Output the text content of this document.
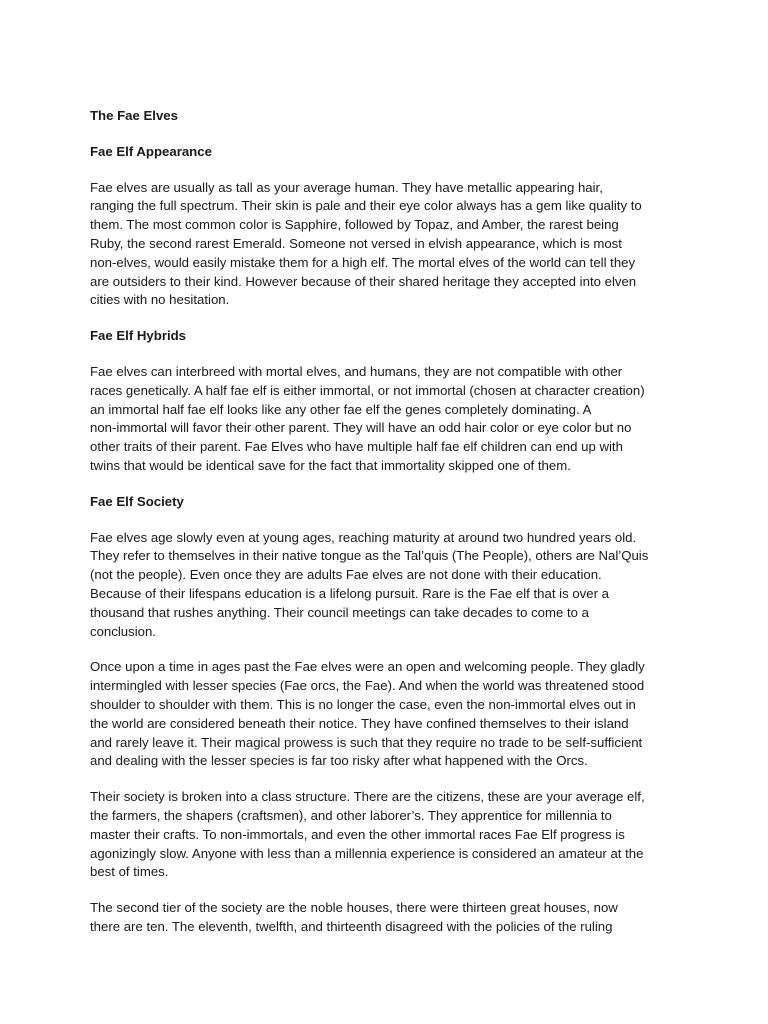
The Fae Elves
Fae Elf Appearance
Fae elves are usually as tall as your average human. They have metallic appearing hair,
ranging the full spectrum. Their skin is pale and their eye color always has a gem like quality to
them. The most common color is Sapphire, followed by Topaz, and Amber, the rarest being
Ruby, the second rarest Emerald. Someone not versed in elvish appearance, which is most
non-elves, would easily mistake them for a high elf. The mortal elves of the world can tell they
are outsiders to their kind. However because of their shared heritage they accepted into elven
cities with no hesitation.
Fae Elf Hybrids
Fae elves can interbreed with mortal elves, and humans, they are not compatible with other
races genetically. A half fae elf is either immortal, or not immortal (chosen at character creation)
an immortal half fae elf looks like any other fae elf the genes completely dominating. A
non-immortal will favor their other parent. They will have an odd hair color or eye color but no
other traits of their parent. Fae Elves who have multiple half fae elf children can end up with
twins that would be identical save for the fact that immortality skipped one of them.
Fae Elf Society
Fae elves age slowly even at young ages, reaching maturity at around two hundred years old.
They refer to themselves in their native tongue as the Tal’quis (The People), others are Nal’Quis
(not the people). Even once they are adults Fae elves are not done with their education.
Because of their lifespans education is a lifelong pursuit. Rare is the Fae elf that is over a
thousand that rushes anything. Their council meetings can take decades to come to a
conclusion.
Once upon a time in ages past the Fae elves were an open and welcoming people. They gladly
intermingled with lesser species (Fae orcs, the Fae). And when the world was threatened stood
shoulder to shoulder with them. This is no longer the case, even the non-immortal elves out in
the world are considered beneath their notice. They have confined themselves to their island
and rarely leave it. Their magical prowess is such that they require no trade to be self-sufficient
and dealing with the lesser species is far too risky after what happened with the Orcs.
Their society is broken into a class structure. There are the citizens, these are your average elf,
the farmers, the shapers (craftsmen), and other laborer’s. They apprentice for millennia to
master their crafts. To non-immortals, and even the other immortal races Fae Elf progress is
agonizingly slow. Anyone with less than a millennia experience is considered an amateur at the
best of times.
The second tier of the society are the noble houses, there were thirteen great houses, now
there are ten. The eleventh, twelfth, and thirteenth disagreed with the policies of the ruling
